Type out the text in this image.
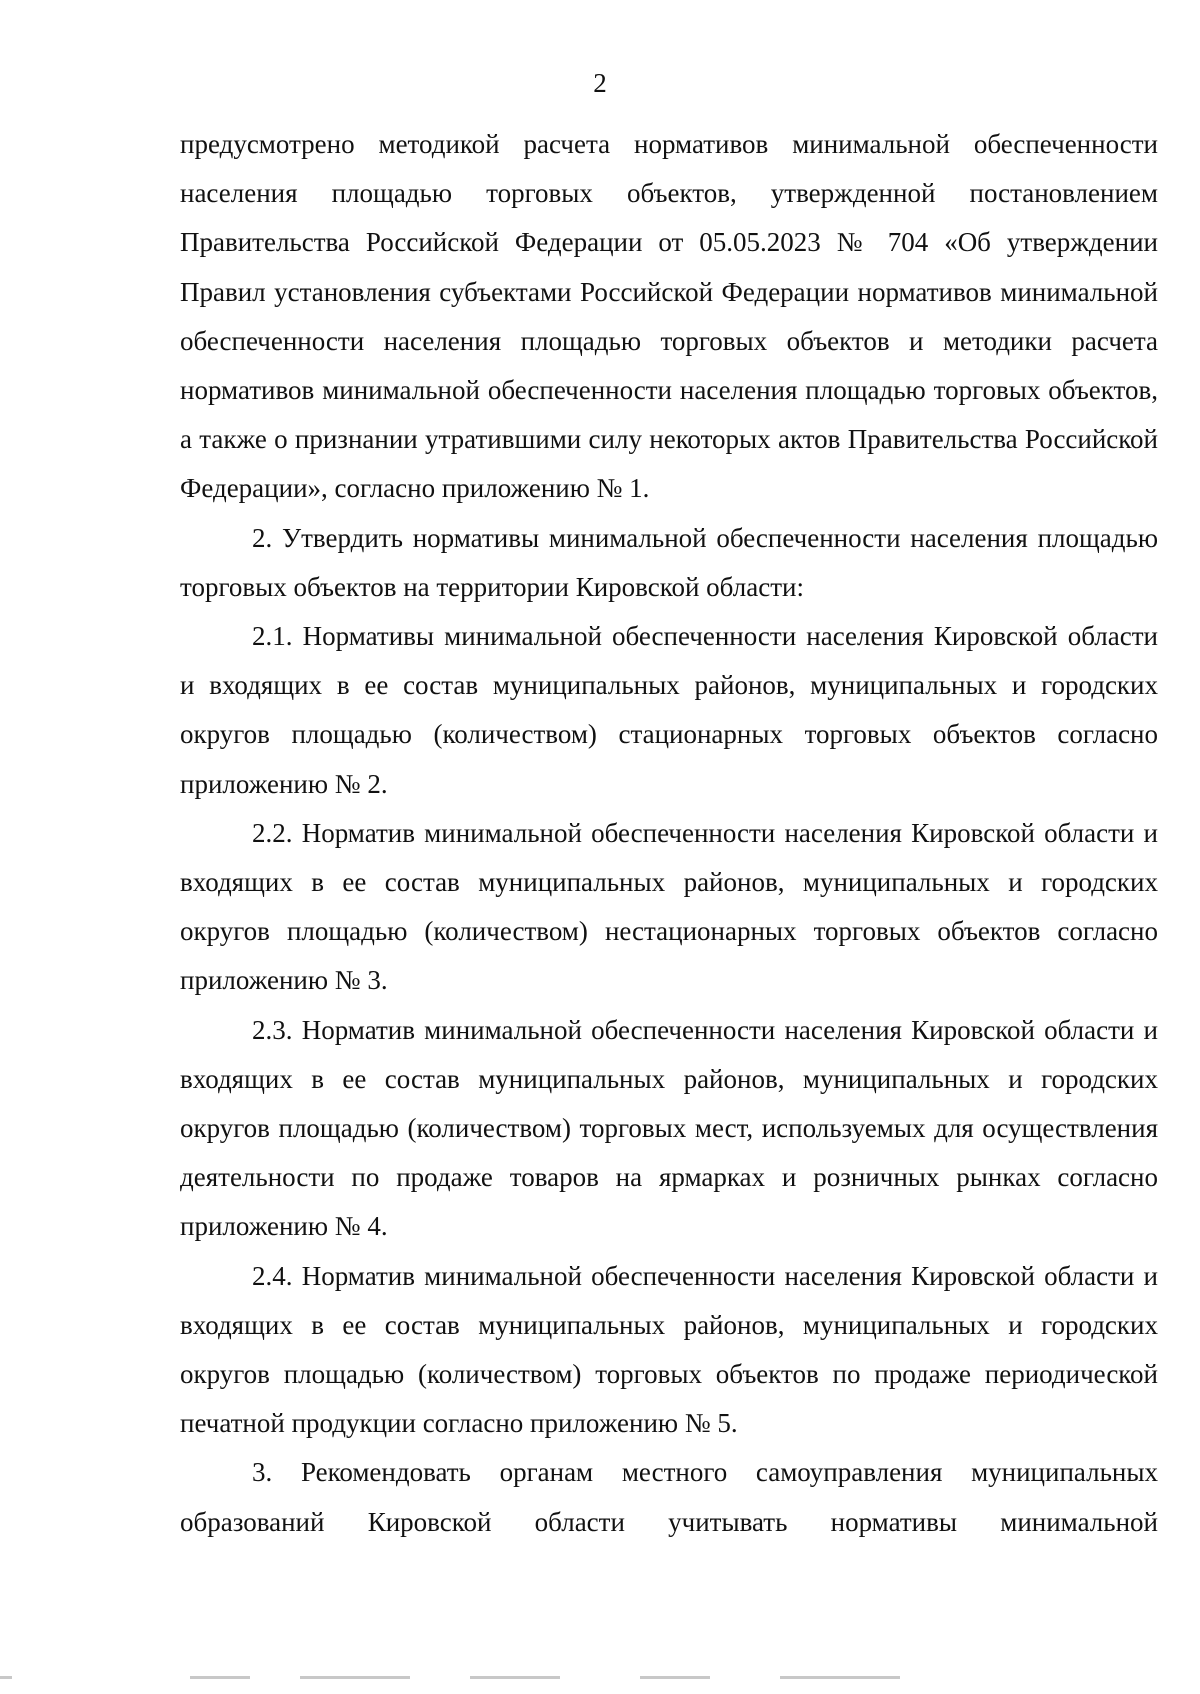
2

предусмотрено методикой расчета нормативов минимальной обеспеченности населения площадью торговых объектов, утвержденной постановлением Правительства Российской Федерации от 05.05.2023 № 704 «Об утверждении Правил установления субъектами Российской Федерации нормативов минимальной обеспеченности населения площадью торговых объектов и методики расчета нормативов минимальной обеспеченности населения площадью торговых объектов, а также о признании утратившими силу некоторых актов Правительства Российской Федерации», согласно приложению № 1.

2. Утвердить нормативы минимальной обеспеченности населения площадью торговых объектов на территории Кировской области:

2.1. Нормативы минимальной обеспеченности населения Кировской области и входящих в ее состав муниципальных районов, муниципальных и городских округов площадью (количеством) стационарных торговых объектов согласно приложению № 2.

2.2. Норматив минимальной обеспеченности населения Кировской области и входящих в ее состав муниципальных районов, муниципальных и городских округов площадью (количеством) нестационарных торговых объектов согласно приложению № 3.

2.3. Норматив минимальной обеспеченности населения Кировской области и входящих в ее состав муниципальных районов, муниципальных и городских округов площадью (количеством) торговых мест, используемых для осуществления деятельности по продаже товаров на ярмарках и розничных рынках согласно приложению № 4.

2.4. Норматив минимальной обеспеченности населения Кировской области и входящих в ее состав муниципальных районов, муниципальных и городских округов площадью (количеством) торговых объектов по продаже периодической печатной продукции согласно приложению № 5.

3. Рекомендовать органам местного самоуправления муниципальных образований Кировской области учитывать нормативы минимальной
